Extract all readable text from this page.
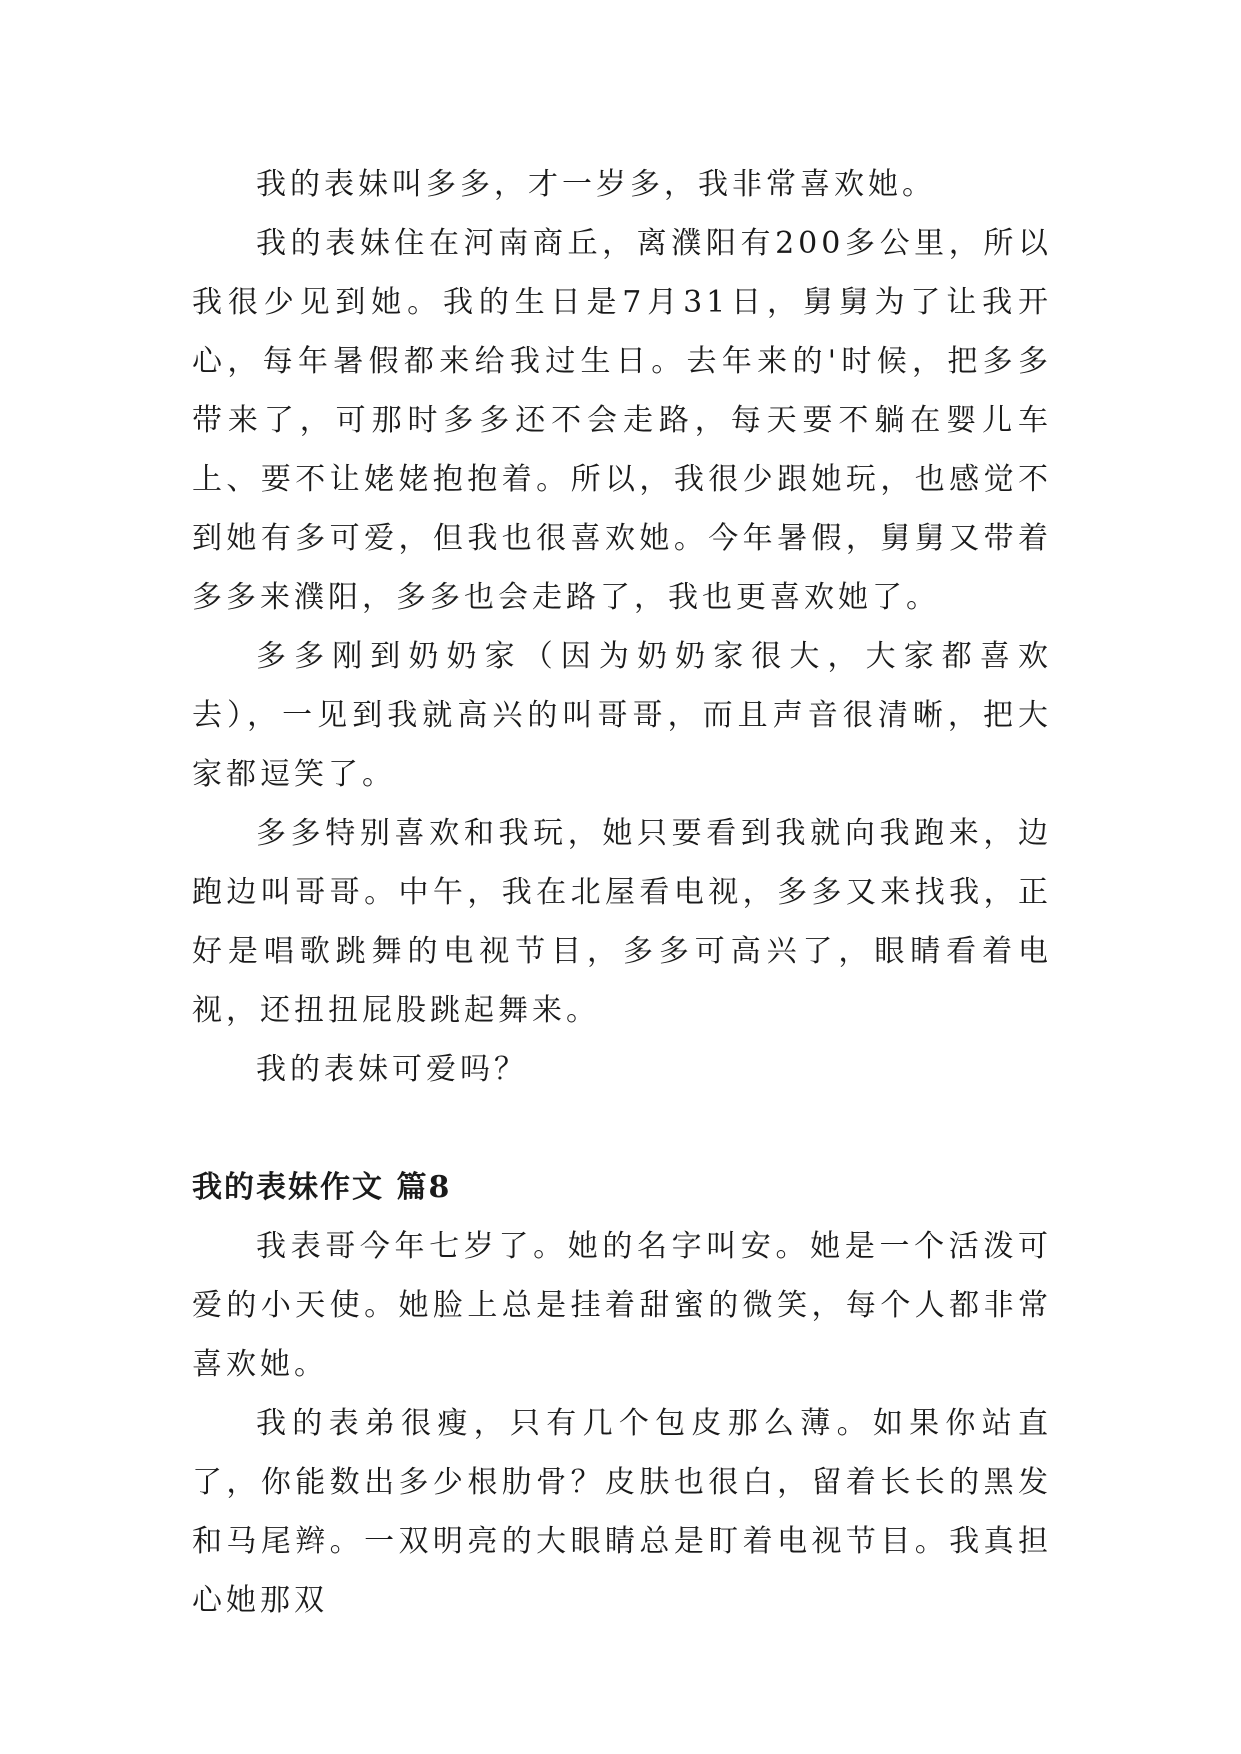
我的表妹叫多多，才一岁多，我非常喜欢她。

我的表妹住在河南商丘，离濮阳有200多公里，所以我很少见到她。我的生日是7月31日，舅舅为了让我开心，每年暑假都来给我过生日。去年来的'时候，把多多带来了，可那时多多还不会走路，每天要不躺在婴儿车上、要不让姥姥抱抱着。所以，我很少跟她玩，也感觉不到她有多可爱，但我也很喜欢她。今年暑假，舅舅又带着多多来濮阳，多多也会走路了，我也更喜欢她了。

多多刚到奶奶家（因为奶奶家很大，大家都喜欢去），一见到我就高兴的叫哥哥，而且声音很清晰，把大家都逗笑了。

多多特别喜欢和我玩，她只要看到我就向我跑来，边跑边叫哥哥。中午，我在北屋看电视，多多又来找我，正好是唱歌跳舞的电视节目，多多可高兴了，眼睛看着电视，还扭扭屁股跳起舞来。

我的表妹可爱吗？

我的表妹作文 篇8

我表哥今年七岁了。她的名字叫安。她是一个活泼可爱的小天使。她脸上总是挂着甜蜜的微笑，每个人都非常喜欢她。

我的表弟很瘦，只有几个包皮那么薄。如果你站直了，你能数出多少根肋骨？皮肤也很白，留着长长的黑发和马尾辫。一双明亮的大眼睛总是盯着电视节目。我真担心她那双
